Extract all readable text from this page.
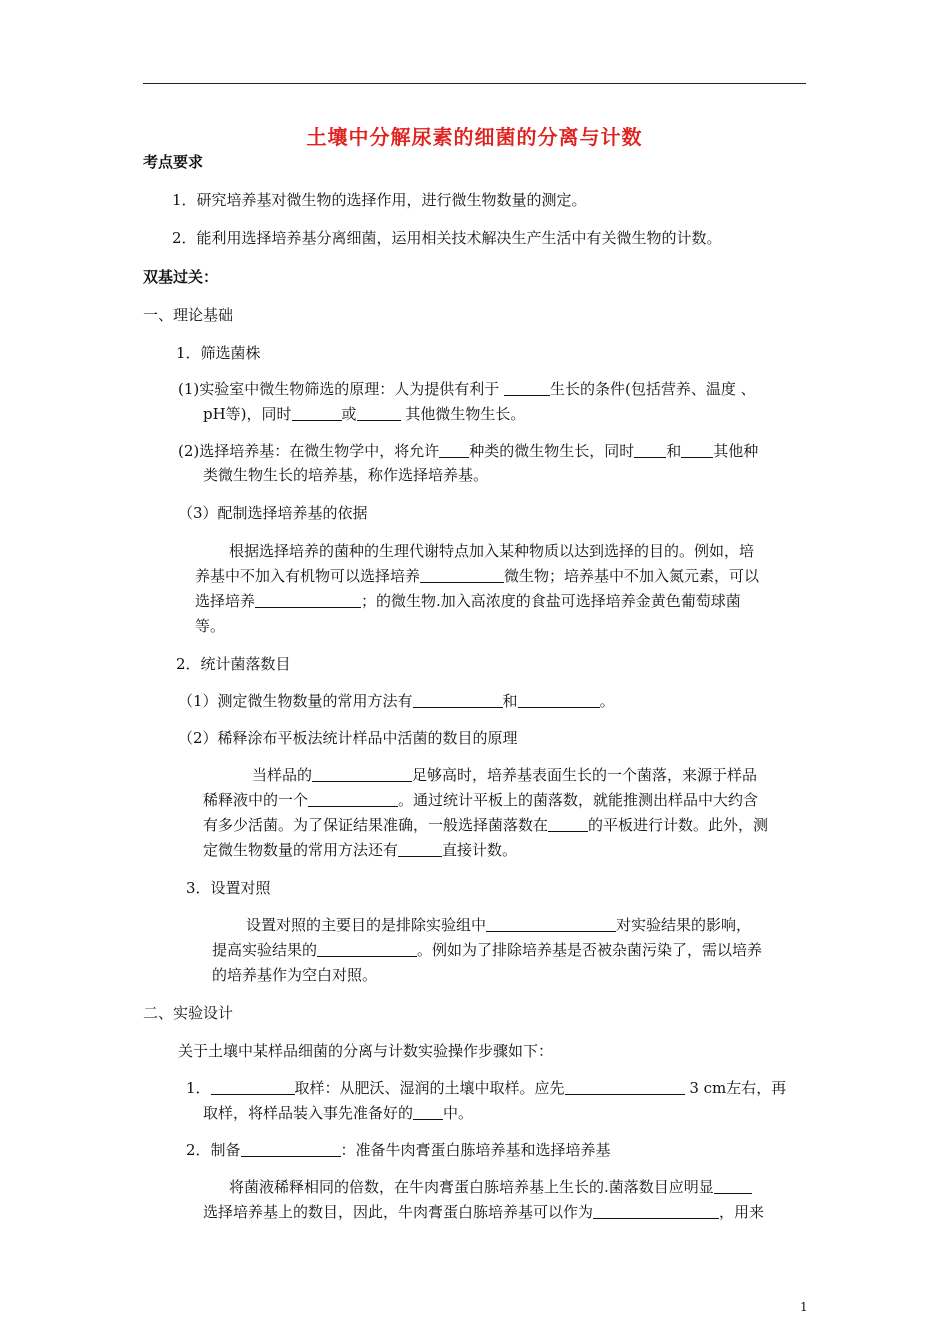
土壤中分解尿素的细菌的分离与计数
考点要求
1．研究培养基对微生物的选择作用，进行微生物数量的测定。
2．能利用选择培养基分离细菌，运用相关技术解决生产生活中有关微生物的计数。
双基过关：
一、理论基础
1．筛选菌株
(1)实验室中微生物筛选的原理：人为提供有利于	生长的条件(包括营养、温度 、
pH等)，同时	或	其他微生物生长。
(2)选择培养基：在微生物学中，将允许 种类的微生物生长，同时 和 其他种
类微生物生长的培养基，称作选择培养基。
（3）配制选择培养基的依据
根据选择培养的菌种的生理代谢特点加入某种物质以达到选择的目的。例如，培
养基中不加入有机物可以选择培养	微生物；培养基中不加入氮元素，可以
选择培养	；的微生物.加入高浓度的食盐可选择培养金黄色葡萄球菌
等。
2．统计菌落数目
（1）测定微生物数量的常用方法有	和	。
（2）稀释涂布平板法统计样品中活菌的数目的原理
当样品的	足够高时，培养基表面生长的一个菌落，来源于样品
稀释液中的一个	。通过统计平板上的菌落数，就能推测出样品中大约含
有多少活菌。为了保证结果准确，一般选择菌落数在	的平板进行计数。此外，测
定微生物数量的常用方法还有	直接计数。
3．设置对照
设置对照的主要目的是排除实验组中	对实验结果的影响，
提高实验结果的	。例如为了排除培养基是否被杂菌污染了，需以培养
的培养基作为空白对照。
二、实验设计
关于土壤中某样品细菌的分离与计数实验操作步骤如下：
1．	取样：从肥沃、湿润的土壤中取样。应先	3 cm左右，再
取样，将样品装入事先准备好的 中。
2．制备	：准备牛肉膏蛋白胨培养基和选择培养基
将菌液稀释相同的倍数，在牛肉膏蛋白胨培养基上生长的.菌落数目应明显
选择培养基上的数目，因此，牛肉膏蛋白胨培养基可以作为	，用来
1
